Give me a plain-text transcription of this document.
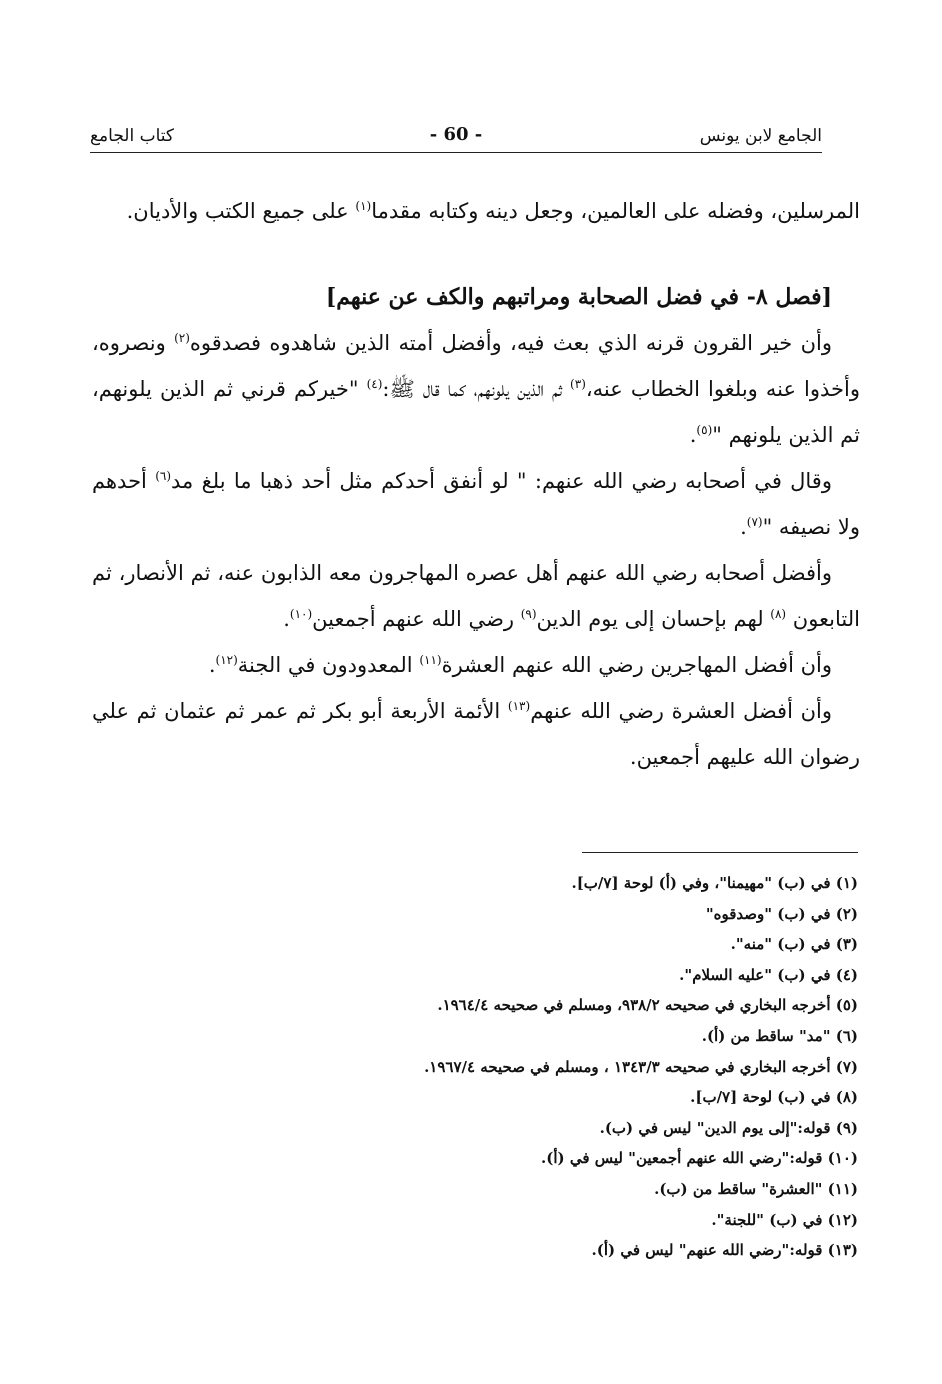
الجامع لابن يونس
- 60 -
كتاب الجامع

المرسلين، وفضله على العالمين، وجعل دينه وكتابه مقدما$^{(١)}$ على جميع الكتب والأديان.

[فصل ٨- في فضل الصحابة ومراتبهم والكف عن عنهم]

وأن خير القرون قرنه الذي بعث فيه، وأفضل أمته الذين شاهدوه فصدقوه$^{(٢)}$ ونصروه، وأخذوا عنه وبلغوا الخطاب عنه،$^{(٣)}$ ثم الذين يلونهم، كما قال ﷺ:$^{(٤)}$ "خيركم قرني ثم الذين يلونهم، ثم الذين يلونهم "$^{(٥)}$.

وقال في أصحابه رضي الله عنهم: " لو أنفق أحدكم مثل أحد ذهبا ما بلغ مد$^{(٦)}$ أحدهم ولا نصيفه "$^{(٧)}$.

وأفضل أصحابه رضي الله عنهم أهل عصره المهاجرون معه الذابون عنه، ثم الأنصار، ثم التابعون $^{(٨)}$ لهم بإحسان إلى يوم الدين$^{(٩)}$ رضي الله عنهم أجمعين$^{(١٠)}$.

وأن أفضل المهاجرين رضي الله عنهم العشرة$^{(١١)}$ المعدودون في الجنة$^{(١٢)}$.

وأن أفضل العشرة رضي الله عنهم$^{(١٣)}$ الأئمة الأربعة أبو بكر ثم عمر ثم عثمان ثم علي رضوان الله عليهم أجمعين.

(١) في (ب) "مهيمنا"، وفي (أ) لوحة [٧/ب].
(٢) في (ب) "وصدقوه"
(٣) في (ب) "منه".
(٤) في (ب) "عليه السلام".
(٥) أخرجه البخاري في صحيحه ٩٣٨/٢، ومسلم في صحيحه ١٩٦٤/٤.
(٦) "مد" ساقط من (أ).
(٧) أخرجه البخاري في صحيحه ١٣٤٣/٣ ، ومسلم في صحيحه ١٩٦٧/٤.
(٨) في (ب) لوحة [٧/ب].
(٩) قوله:"إلى يوم الدين" ليس في (ب).
(١٠) قوله:"رضي الله عنهم أجمعين" ليس في (أ).
(١١) "العشرة" ساقط من (ب).
(١٢) في (ب) "للجنة".
(١٣) قوله:"رضي الله عنهم" ليس في (أ).
